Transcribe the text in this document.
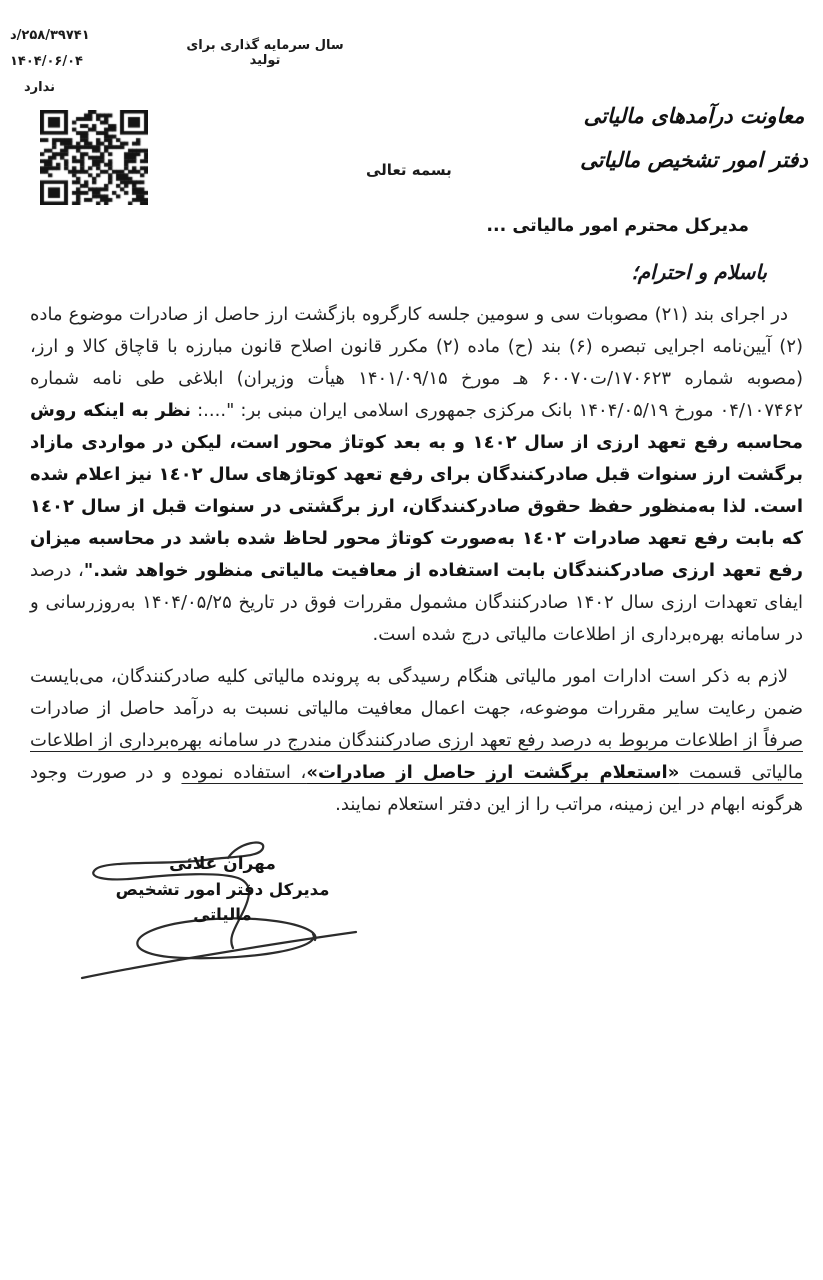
سال سرمایه گذاری برای تولید
۲۵۸/۳۹۷۴۱/د
۱۴۰۴/۰۶/۰۴
ندارد
معاونت درآمدهای مالیاتی
دفتر امور تشخیص مالیاتی
بسمه تعالی
مدیرکل محترم امور مالیاتی ...
باسلام و احترام؛

در اجرای بند (۲۱) مصوبات سی و سومین جلسه کارگروه بازگشت ارز حاصل از صادرات موضوع ماده (۲) آیین‌نامه اجرایی تبصره (۶) بند (ح) ماده (۲) مکرر قانون اصلاح قانون مبارزه با قاچاق کالا و ارز، (مصوبه شماره ۱۷۰۶۲۳/ت۶۰۰۷۰ هـ مورخ ۱۴۰۱/۰۹/۱۵ هیأت وزیران) ابلاغی طی نامه شماره ۰۴/۱۰۷۴۶۲ مورخ ۱۴۰۴/۰۵/۱۹ بانک مرکزی جمهوری اسلامی ایران مبنی بر: "....: نظر به اینکه روش محاسبه رفع تعهد ارزی از سال ١٤٠٢ و به بعد کوتاژ محور است، لیکن در مواردی مازاد برگشت ارز سنوات قبل صادرکنندگان برای رفع تعهد کوتاژهای سال ١٤٠٢ نیز اعلام شده است. لذا به‌منظور حفظ حقوق صادرکنندگان، ارز برگشتی در سنوات قبل از سال ١٤٠٢ که بابت رفع تعهد صادرات ١٤٠٢ به‌صورت کوتاژ محور لحاظ شده باشد در محاسبه میزان رفع تعهد ارزی صادرکنندگان بابت استفاده از معافیت مالیاتی منظور خواهد شد."، درصد ایفای تعهدات ارزی سال ۱۴۰۲ صادرکنندگان مشمول مقررات فوق در تاریخ ۱۴۰۴/۰۵/۲۵ به‌روزرسانی و در سامانه بهره‌برداری از اطلاعات مالیاتی درج شده است.

لازم به ذکر است ادارات امور مالیاتی هنگام رسیدگی به پرونده مالیاتی کلیه صادرکنندگان، می‌بایست ضمن رعایت سایر مقررات موضوعه، جهت اعمال معافیت مالیاتی نسبت به درآمد حاصل از صادرات صرفاً از اطلاعات مربوط به درصد رفع تعهد ارزی صادرکنندگان مندرج در سامانه بهره‌برداری از اطلاعات مالیاتی قسمت «استعلام برگشت ارز حاصل از صادرات»، استفاده نموده و در صورت وجود هرگونه ابهام در این زمینه، مراتب را از این دفتر استعلام نمایند.

مهران علائی
مدیرکل دفتر امور تشخیص مالیاتی
